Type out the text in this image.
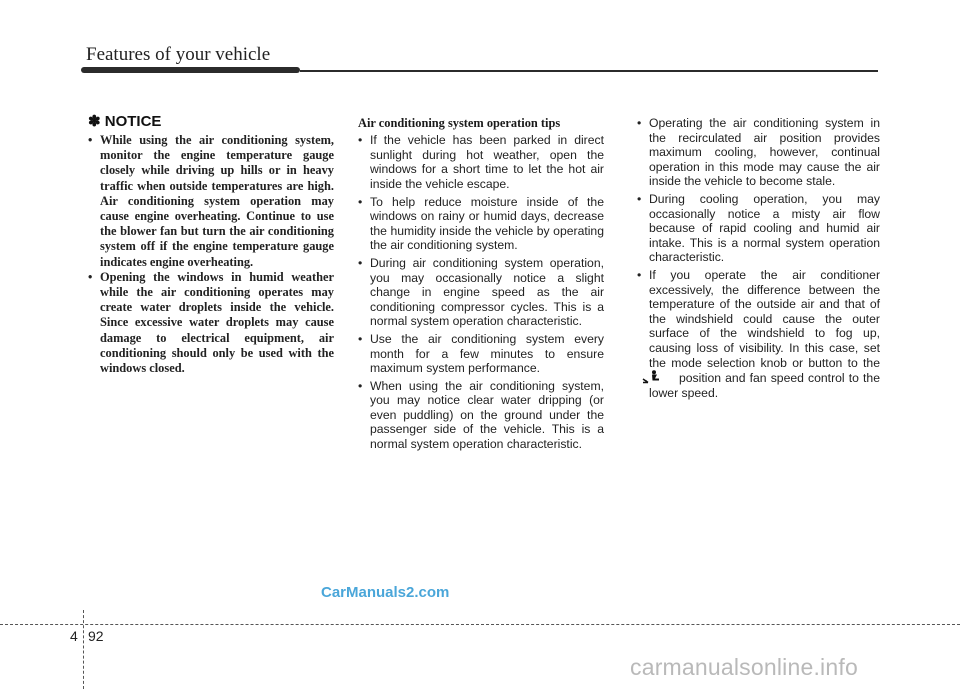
Features of your vehicle
✽ NOTICE
• While using the air conditioning system, monitor the engine temperature gauge closely while driving up hills or in heavy traffic when outside temperatures are high. Air conditioning system operation may cause engine overheating. Continue to use the blower fan but turn the air conditioning system off if the engine temperature gauge indicates engine overheating.
• Opening the windows in humid weather while the air conditioning operates may create water droplets inside the vehicle. Since excessive water droplets may cause damage to electrical equipment, air conditioning should only be used with the windows closed.
Air conditioning system operation tips
• If the vehicle has been parked in direct sunlight during hot weather, open the windows for a short time to let the hot air inside the vehicle escape.
• To help reduce moisture inside of the windows on rainy or humid days, decrease the humidity inside the vehicle by operating the air conditioning system.
• During air conditioning system operation, you may occasionally notice a slight change in engine speed as the air conditioning compressor cycles. This is a normal system operation characteristic.
• Use the air conditioning system every month for a few minutes to ensure maximum system performance.
• When using the air conditioning system, you may notice clear water dripping (or even puddling) on the ground under the passenger side of the vehicle. This is a normal system operation characteristic.
• Operating the air conditioning system in the recirculated air position provides maximum cooling, however, continual operation in this mode may cause the air inside the vehicle to become stale.
• During cooling operation, you may occasionally notice a misty air flow because of rapid cooling and humid air intake. This is a normal system operation characteristic.
• If you operate the air conditioner excessively, the difference between the temperature of the outside air and that of the windshield could cause the outer surface of the windshield to fog up, causing loss of visibility. In this case, set the mode selection knob or button to theposition and fan speed control to the lower speed.
CarManuals2.com
4 92
carmanualsonline.info
